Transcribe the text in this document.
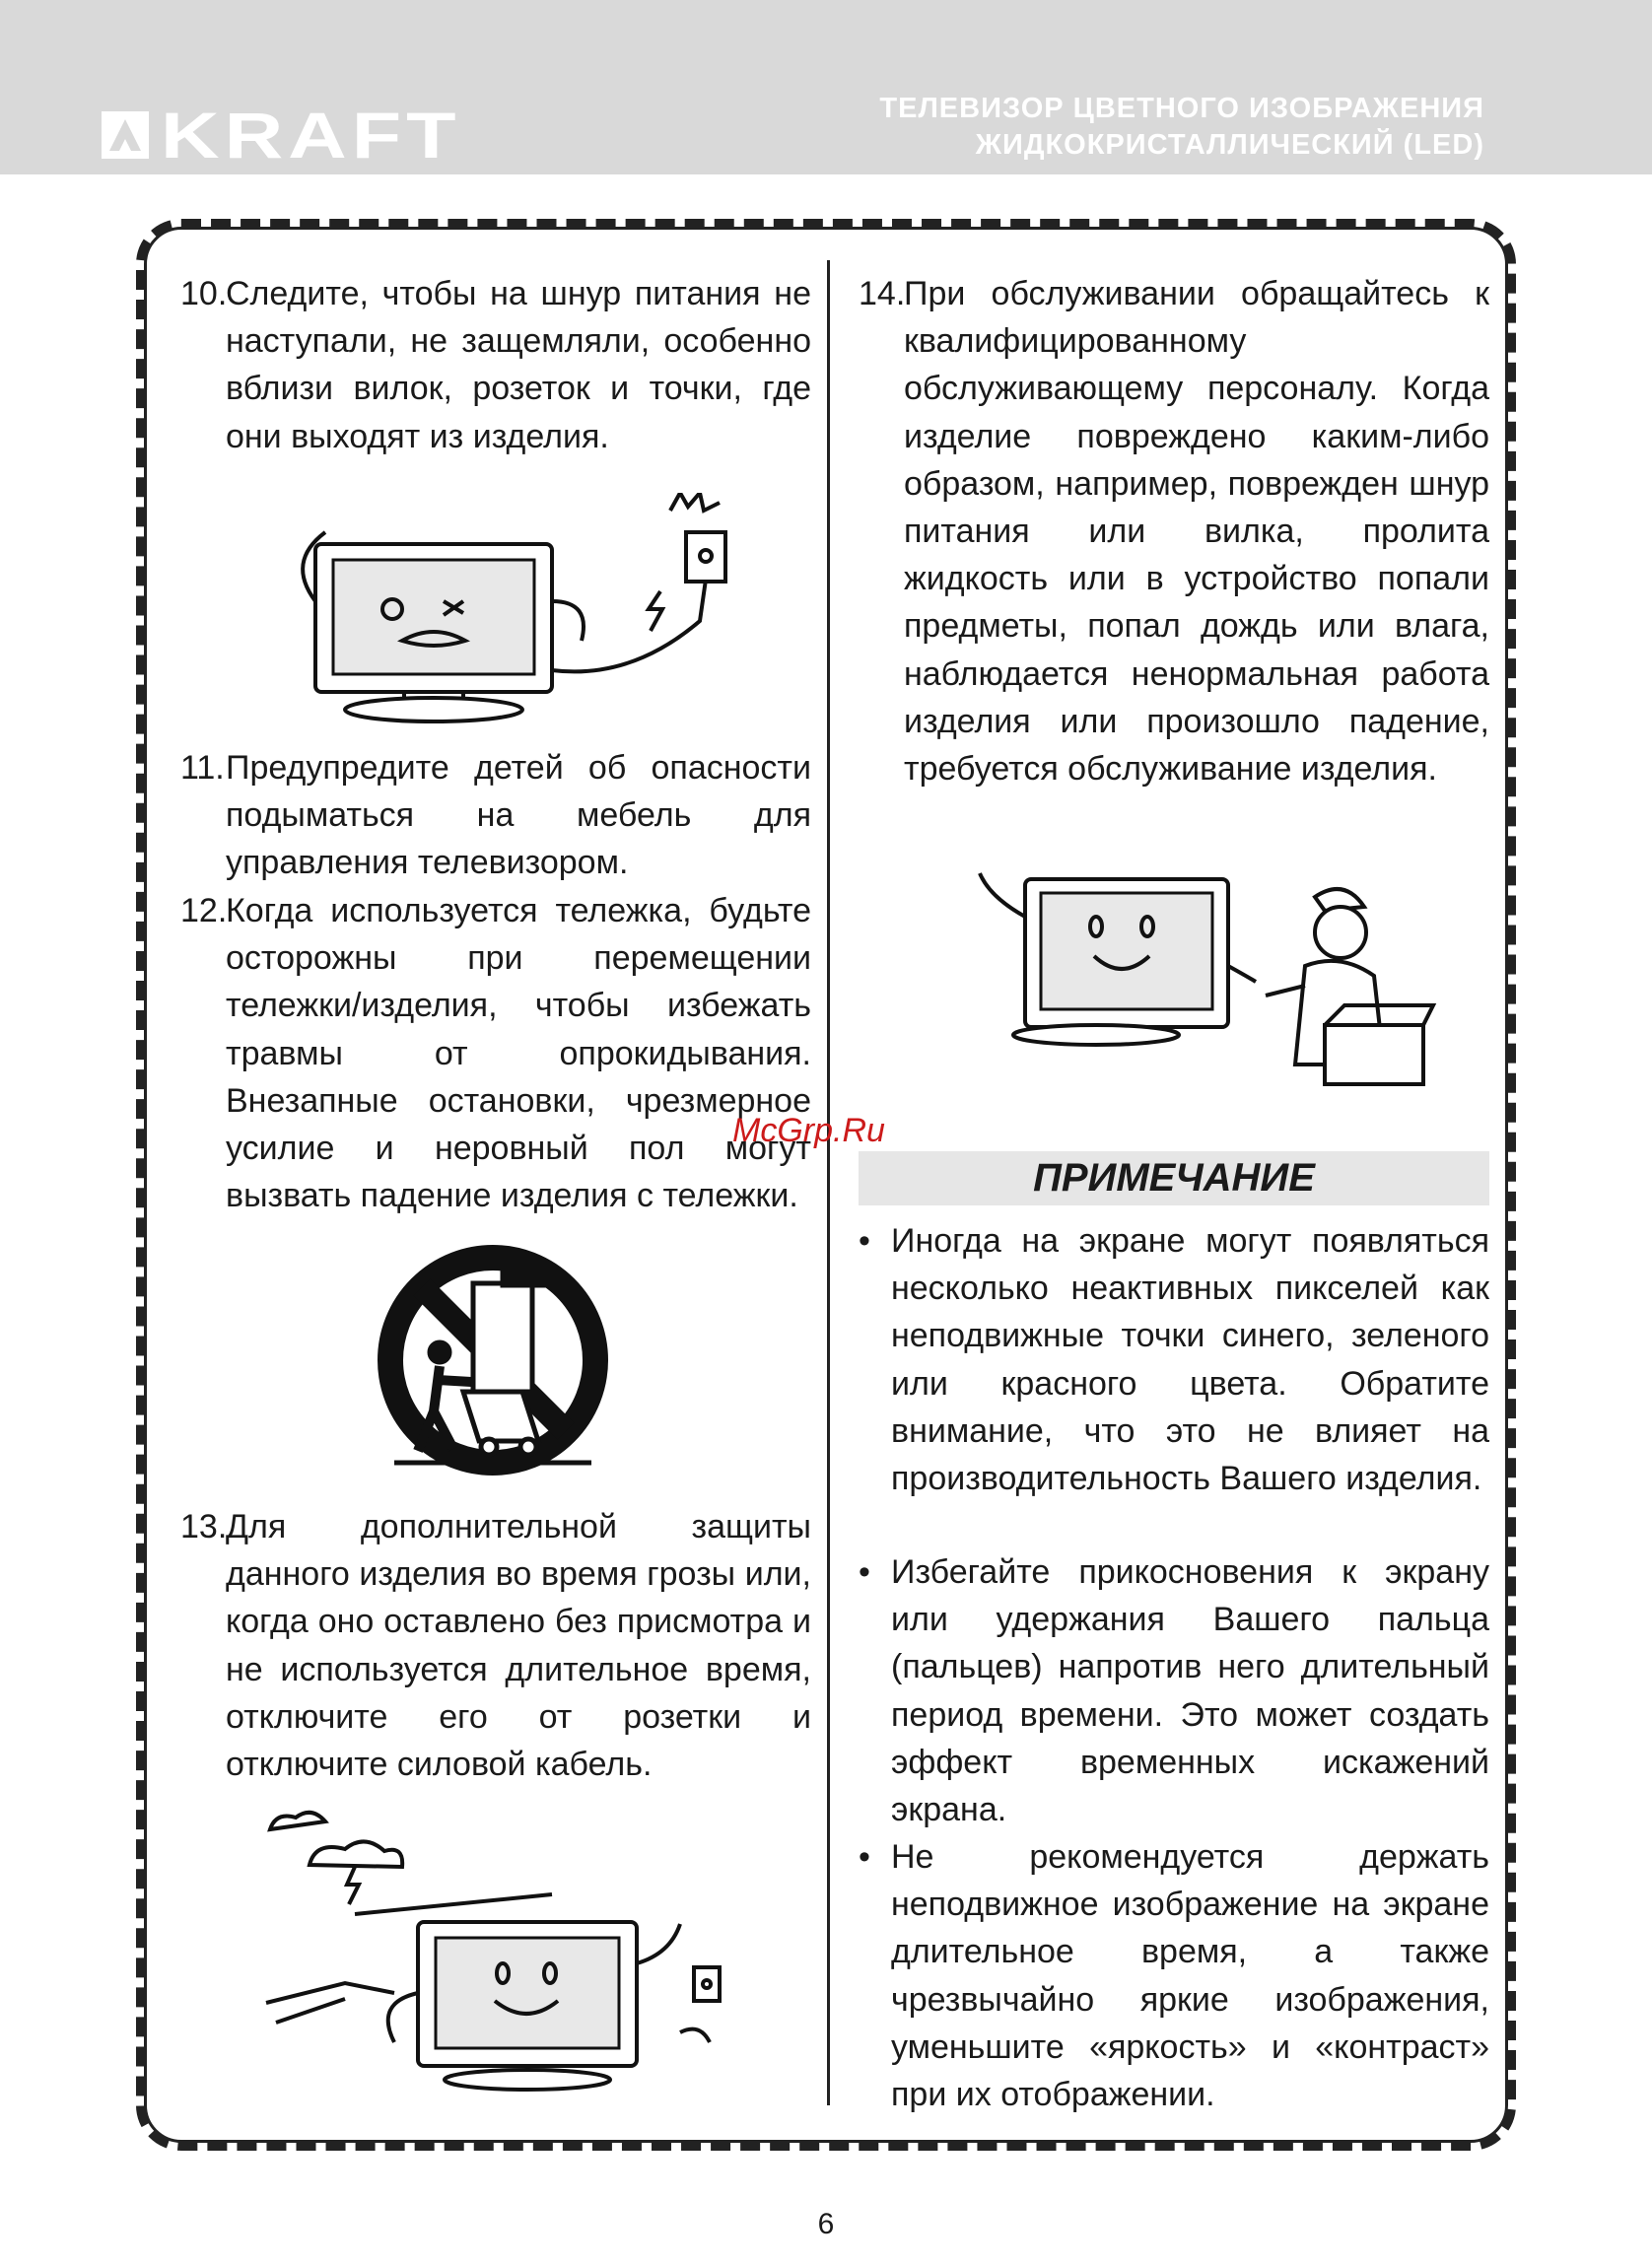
KRAFT	ТЕЛЕВИЗОР ЦВЕТНОГО ИЗОБРАЖЕНИЯ
ЖИДКОКРИСТАЛЛИЧЕСКИЙ (LED)
10.
Следите, чтобы на шнур питания не наступали, не защемляли, особенно вблизи вилок, розеток и точки, где они выходят из изделия.
11. Предупредите детей об опасности подыматься на мебель для управления телевизором.
12.
Когда используется тележка, будьте осторожны при перемещении тележки/изделия, чтобы избежать травмы от опрокидывания. Внезапные остановки, чрезмерное усилие и неровный пол могут вызвать падение изделия с тележки.
13.
Для дополнительной защиты данного изделия во время грозы или, когда оно оставлено без присмотра и не используется длительное время, отключите его от розетки и отключите силовой кабель.
14.
При обслуживании обращайтесь к квалифицированному обслуживающему персоналу. Когда изделие повреждено каким-либо образом, например, поврежден шнур питания или вилка, пролита жидкость или в устройство попали предметы, попал дождь или влага, наблюдается ненормальная работа изделия или произошло падение, требуется обслуживание изделия.
ПРИМЕЧАНИЕ
• Иногда на экране могут появляться несколько неактивных пикселей как неподвижные точки синего, зеленого или красного цвета. Обратите внимание, что это не влияет на производительность Вашего изделия.
• Избегайте прикосновения к экрану или удержания Вашего пальца (пальцев) напротив него длительный период времени. Это может создать эффект временных искажений экрана.
• Не рекомендуется держать неподвижное изображение на экране длительное время, а также чрезвычайно яркие изображения, уменьшите «яркость» и «контраст» при их отображении.
McGrp.Ru
6
